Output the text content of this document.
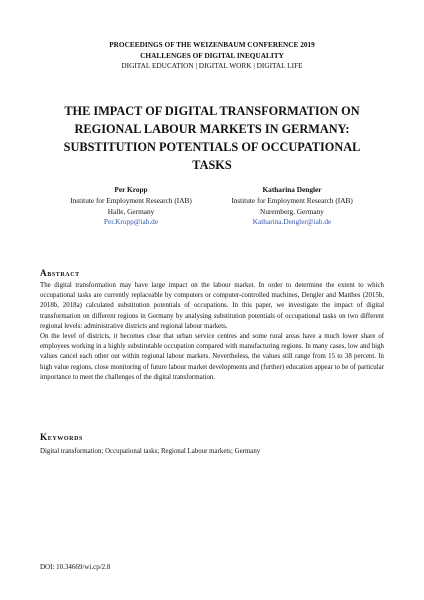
PROCEEDINGS OF THE WEIZENBAUM CONFERENCE 2019
CHALLENGES OF DIGITAL INEQUALITY
DIGITAL EDUCATION | DIGITAL WORK | DIGITAL LIFE
THE IMPACT OF DIGITAL TRANSFORMATION ON
REGIONAL LABOUR MARKETS IN GERMANY:
SUBSTITUTION POTENTIALS OF OCCUPATIONAL
TASKS
Per Kropp
Institute for Employment Research (IAB)
Halle, Germany
Per.Kropp@iab.de
Katharina Dengler
Institute for Employment Research (IAB)
Nuremberg, Germany
Katharina.Dengler@iab.de
Abstract

The digital transformation may have large impact on the labour market. In order to determine the extent to which occupational tasks are currently replaceable by computers or computer-controlled machines, Dengler and Matthes (2015b, 2018b, 2018a) calculated substitution potentials of occupations. In this paper, we investigate the impact of digital transformation on different regions in Germany by analysing substitution potentials of occupational tasks on two different regional levels: administrative districts and regional labour markets.

On the level of districts, it becomes clear that urban service centres and some rural areas have a much lower share of employees working in a highly substitutable occupation compared with manufacturing regions. In many cases, low and high values cancel each other out within regional labour markets. Nevertheless, the values still range from 15 to 38 percent. In high value regions, close monitoring of future labour market developments and (further) education appear to be of particular importance to meet the challenges of the digital transformation.

Keywords
Digital transformation; Occupational tasks; Regional Labour markets; Germany
DOI: 10.34669/wi.cp/2.8
